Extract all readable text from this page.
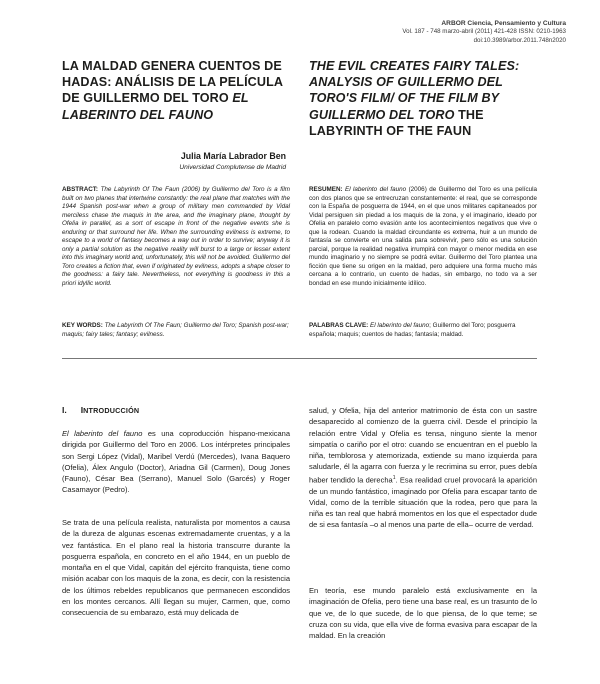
ARBOR Ciencia, Pensamiento y Cultura
Vol. 187 - 748 marzo-abril (2011) 421-428 ISSN: 0210-1963
doi:10.3989/arbor.2011.748n2020
LA MALDAD GENERA CUENTOS DE HADAS: ANÁLISIS DE LA PELÍCULA DE GUILLERMO DEL TORO EL LABERINTO DEL FAUNO
THE EVIL CREATES FAIRY TALES: ANALYSIS OF GUILLERMO DEL TORO'S FILM/ OF THE FILM BY GUILLERMO DEL TORO THE LABYRINTH OF THE FAUN
Julia María Labrador Ben
Universidad Complutense de Madrid
ABSTRACT: The Labyrinth Of The Faun (2006) by Guillermo del Toro is a film built on two planes that intertwine constantly: the real plane that matches with the 1944 Spanish post-war when a group of military men commanded by Vidal merciless chase the maquis in the area, and the imaginary plane, thought by Ofelia in parallel, as a sort of escape in front of the negative events she is enduring or that surround her life. When the surrounding evilness is extreme, to escape to a world of fantasy becomes a way out in order to survive; anyway it is only a partial solution as the negative reality will burst to a large or lesser extent into this imaginary world and, unfortunately, this will not be avoided. Guillermo del Toro creates a fiction that, even if originated by evilness, adopts a shape closer to the goodness: a fairy tale. Nevertheless, not everything is goodness in this a priori idyllic world.
RESUMEN: El laberinto del fauno (2006) de Guillermo del Toro es una película con dos planos que se entrecruzan constantemente: el real, que se corresponde con la España de posguerra de 1944, en el que unos militares capitaneados por Vidal persiguen sin piedad a los maquis de la zona, y el imaginario, ideado por Ofelia en paralelo como evasión ante los acontecimientos negativos que vive o que la rodean. Cuando la maldad circundante es extrema, huir a un mundo de fantasía se convierte en una salida para sobrevivir, pero sólo es una solución parcial, porque la realidad negativa irrumpirá con mayor o menor medida en ese mundo imaginario y no siempre se podrá evitar. Guillermo del Toro plantea una ficción que tiene su origen en la maldad, pero adquiere una forma mucho más cercana a lo contrario, un cuento de hadas, sin embargo, no todo va a ser bondad en ese mundo inicialmente idílico.
KEY WORDS: The Labyrinth Of The Faun; Guillermo del Toro; Spanish post-war; maquis; fairy tales; fantasy; evilness.
PALABRAS CLAVE: El laberinto del fauno; Guillermo del Toro; posguerra española; maquis; cuentos de hadas; fantasía; maldad.
I. INTRODUCCIÓN

El laberinto del fauno es una coproducción hispano-mexicana dirigida por Guillermo del Toro en 2006. Los intérpretes principales son Sergi López (Vidal), Maribel Verdú (Mercedes), Ivana Baquero (Ofelia), Álex Angulo (Doctor), Ariadna Gil (Carmen), Doug Jones (Fauno), César Bea (Serrano), Manuel Solo (Garcés) y Roger Casamayor (Pedro).

Se trata de una película realista, naturalista por momentos a causa de la dureza de algunas escenas extremadamente cruentas, y a la vez fantástica. En el plano real la historia transcurre durante la posguerra española, en concreto en el año 1944, en un pueblo de montaña en el que Vidal, capitán del ejército franquista, tiene como misión acabar con los maquis de la zona, es decir, con la resistencia de los últimos rebeldes republicanos que permanecen escondidos en los montes cercanos. Allí llegan su mujer, Carmen, que, como consecuencia de su embarazo, está muy delicada de

salud, y Ofelia, hija del anterior matrimonio de ésta con un sastre desaparecido al comienzo de la guerra civil. Desde el principio la relación entre Vidal y Ofelia es tensa, ninguno siente la menor simpatía o cariño por el otro: cuando se encuentran en el pueblo la niña, temblorosa y atemorizada, extiende su mano izquierda para saludarle, él la agarra con fuerza y le recrimina su error, pues debía haber tendido la derecha$^1$. Esa realidad cruel provocará la aparición de un mundo fantástico, imaginado por Ofelia para escapar tanto de Vidal, como de la terrible situación que la rodea, pero que para la niña es tan real que habrá momentos en los que el espectador dude de si esa fantasía –o al menos una parte de ella– ocurre de verdad.

En teoría, ese mundo paralelo está exclusivamente en la imaginación de Ofelia, pero tiene una base real, es un trasunto de lo que ve, de lo que sucede, de lo que piensa, de lo que teme; se cruza con su vida, que ella vive de forma evasiva para escapar de la maldad. En la creación
